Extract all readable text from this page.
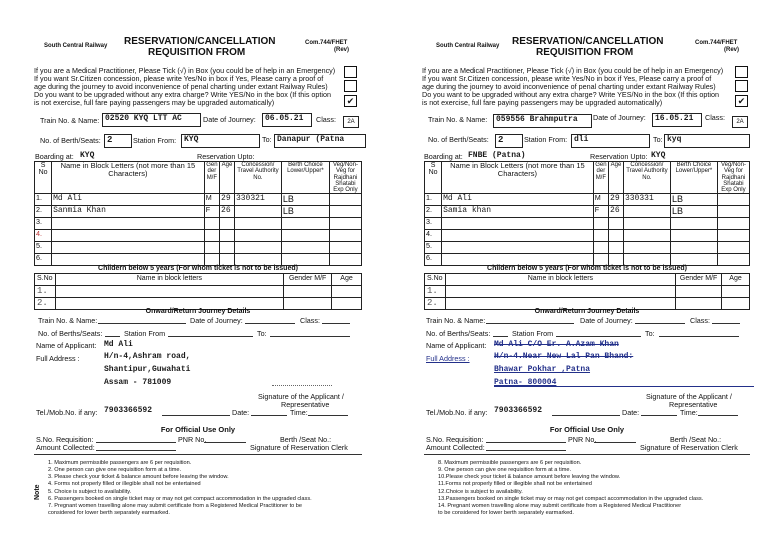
South Central Railway RESERVATION/CANCELLATION
REQUISITION FROM
Com.744/FHET
(Rev)
If you are a Medical Practitioner, Please Tick (√) in Box (you could be of help in an Emergency)
If you want Sr.Citizen concession, please write Yes/No in box if Yes, Please carry a proof of
age during the journey to avoid inconvenience of penal charting under extant Railway Rules)
Do you want to be upgraded without any extra charge? Write YES/No in the box (If this option
is not exercise, full fare paying passengers may be upgraded automatically)	✔
Train No. & Name: 02520 KYQ LTT AC	Date of Journey:	06.05.21	Class:	2A
No. of Berth/Seats: 2	Station From: KYQ	To: Danapur (Patna
Boarding at: KYQ	Reservation Upto:
S No	Name in Block Letters (not more than 15 Characters)	Gen der M/F	Age	Concession/ Travel Authority No.	Berth Choice Lower/Upper*	Veg/Non-Veg for Rajdhani Shatabi Exp Only
1.	Md Ali	M	29	330321	LB	
2.	Sanmia Khan	F	26		LB	
3.						
4.						
5.						
6.						
Childern below 5 years (For whom ticket is not to be issued)
S.No	Name in block letters	Gender M/F	Age
1.			
2.			
Onward/Return Journey Details
Train No. & Name:	Date of Journey:	Class:
No. of Berths/Seats:	Station From	To:
Name of Applicant: Md Ali
Full Address :	H/n-4,Ashram road,
Shantipur,Guwahati
Assam - 781009
Signature of the Applicant /
Representative
Tel./Mob.No. if any: 7903366592	Date:	Time:
For Official Use Only
S.No. Requisition:	PNR No.	Berth /Seat No.:
Amount Collected:	Signature of Reservation Clerk
Note
1. Maximum permissible passengers are 6 per requisition.
2. One person can give one requisition form at a time.
3. Please check your ticket & balance amount before leaving the window.
4. Forms not properly filled or illegible shall not be entertained
5. Choice is subject to availability.
6. Passengers booked on single ticket may or may not get compact accommodation in the upgraded class.
7. Pregnant women travelling alone may submit certificate from a Registered Medical Practitioner to be
considered for lower berth separately earmarked.
South Central Railway RESERVATION/CANCELLATION
REQUISITION FROM
Com.744/FHET
(Rev)
If you are a Medical Practitioner, Please Tick (√) in Box (you could be of help in an Emergency)
If you want Sr.Citizen concession, please write Yes/No in box if Yes, Please carry a proof of
age during the journey to avoid inconvenience of penal charting under extant Railway Rules)
Do you want to be upgraded without any extra charge? Write YES/No in the box (If this option
is not exercise, full fare paying passengers may be upgraded automatically)	✔
Train No. & Name:	059556 Brahmputra	Date of Journey:	16.05.21	Class:	2A
No. of Berth/Seats:	2	Station From: dli	To: kyq
Boarding at: FNBE (Patna)	Reservation Upto: KYQ
S No	Name in Block Letters (not more than 15 Characters)	Gen der M/F	Age	Concession/ Travel Authority No.	Berth Choice Lower/Upper*	Veg/Non-Veg for Rajdhani Shatabi Exp Only
1.	Md Ali	M	29	330331	LB	
2.	Samia khan	F	26		LB	
3.						
4.						
5.						
6.						
Childern below 5 years (For whom ticket is not to be issued)
S.No	Name in block letters	Gender M/F	Age
1.			
2.			
Onward/Return Journey Details
Train No. & Name:	Date of Journey:	Class:
No. of Berths/Seats:	Station From	To:
Name of Applicant: Md Ali C/O Er. A.Azam Khan
Full Address :	H/n-4.Near New Lal Pan Bhand:
Bhawar Pokhar ,Patna
Patna- 800004
Signature of the Applicant /
Representative
Tel./Mob.No. if any: 7903366592	Date:	Time:
For Official Use Only
S.No. Requisition:	PNR No.	Berth /Seat No.:
Amount Collected:	Signature of Reservation Clerk
8. Maximum permissible passengers are 6 per requisition.
9. One person can give one requisition form at a time.
10.Please check your ticket & balance amount before leaving the window.
11.Forms not properly filled or illegible shall not be entertained
12.Choice is subject to availability.
13.Passengers booked on single ticket may or may not get compact accommodation in the upgraded class.
14. Pregnant women travelling alone may submit certificate from a Registered Medical Practitioner
to be considered for lower berth separately earmarked.
